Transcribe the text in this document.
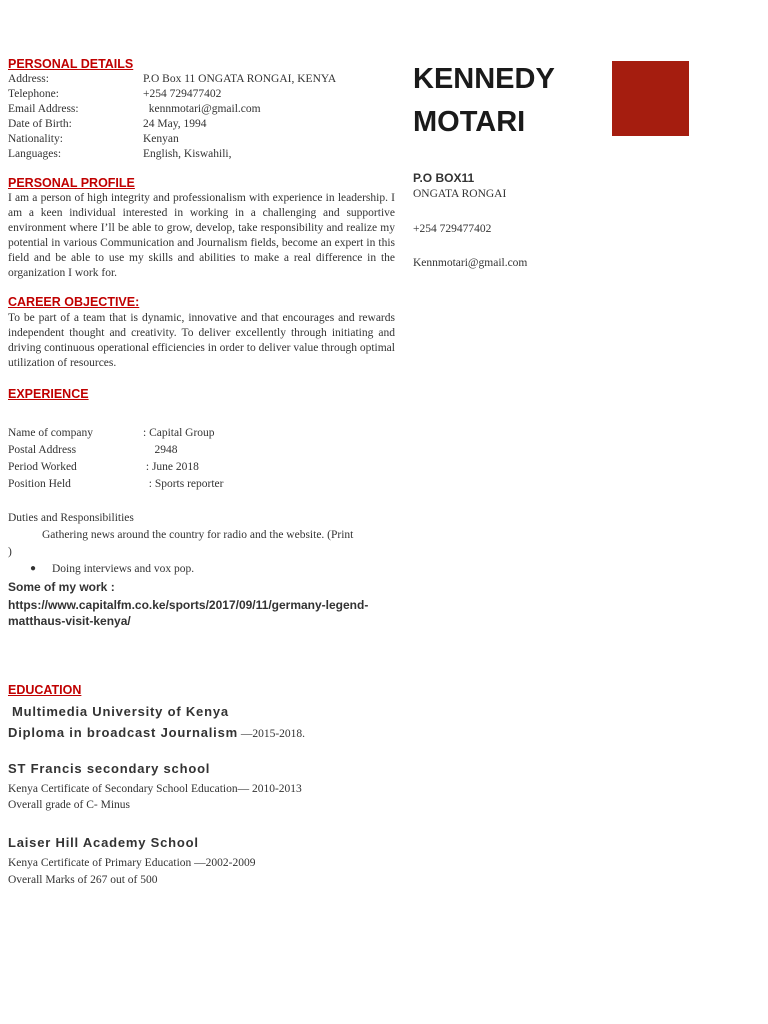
PERSONAL DETAILS
Address:	P.O Box 11 ONGATA RONGAI, KENYA
Telephone:	+254 729477402
Email Address:	kennmotari@gmail.com
Date of Birth:	24 May, 1994
Nationality:	Kenyan
Languages:	English, Kiswahili,
PERSONAL PROFILE

I am a person of high integrity and professionalism with experience in leadership. I am a keen individual interested in working in a challenging and supportive environment where I’ll be able to grow, develop, take responsibility and realize my potential in various Communication and Journalism fields, become an expert in this field and be able to use my skills and abilities to make a real difference in the organization I work for.

CAREER OBJECTIVE:

To be part of a team that is dynamic, innovative and that encourages and rewards independent thought and creativity. To deliver excellently through initiating and driving continuous operational efficiencies in order to deliver value through optimal utilization of resources.

EXPERIENCE
Name of company	: Capital Group
Postal Address	2948
Period Worked	: June 2018
Position Held	: Sports reporter

Duties and Responsibilities

Gathering news around the country for radio and the website. (Print

)

● Doing interviews and vox pop.

Some of my work :

https://www.capitalfm.co.ke/sports/2017/09/11/germany-legend-

matthaus-visit-kenya/

EDUCATION

Multimedia University of Kenya

Diploma in broadcast Journalism —2015-2018.

ST Francis secondary school

Kenya Certificate of Secondary School Education— 2010-2013

Overall grade of C- Minus

Laiser Hill Academy School

Kenya Certificate of Primary Education —2002-2009

Overall Marks of 267 out of 500

KENNEDY
MOTARI

P.O BOX11

ONGATA RONGAI

+254 729477402

Kennmotari@gmail.com
